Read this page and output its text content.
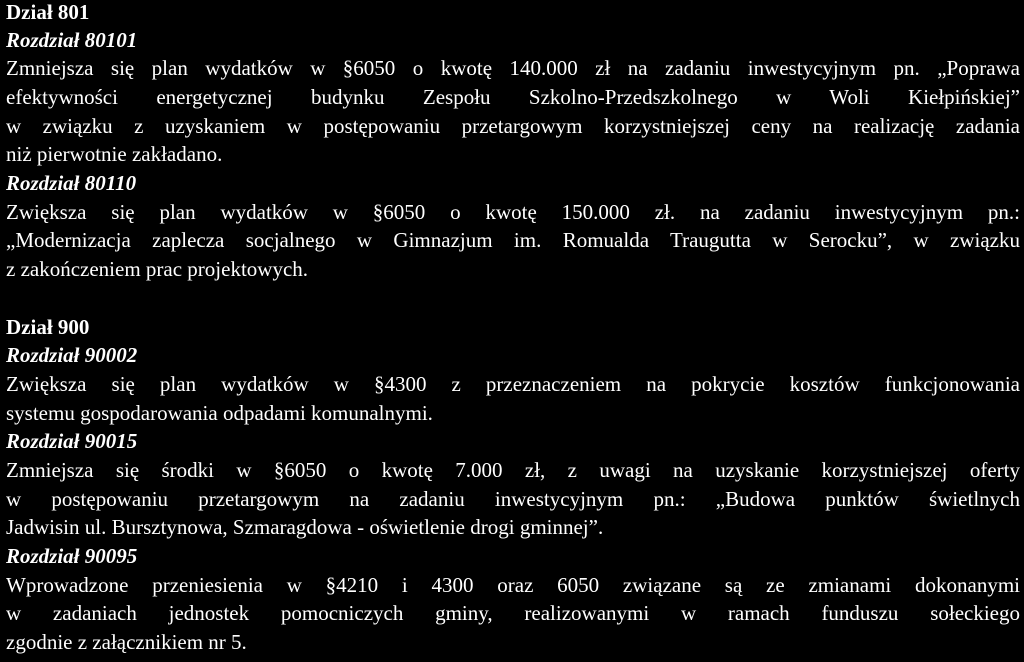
Dział 801
Rozdział 80101
Zmniejsza się plan wydatków w §6050 o kwotę 140.000 zł na zadaniu inwestycyjnym pn. „Poprawa
efektywności energetycznej budynku Zespołu Szkolno-Przedszkolnego w Woli Kiełpińskiej”
w związku z uzyskaniem w postępowaniu przetargowym korzystniejszej ceny na realizację zadania
niż pierwotnie zakładano.
Rozdział 80110
Zwiększa się plan wydatków w §6050 o kwotę 150.000 zł. na zadaniu inwestycyjnym pn.:
„Modernizacja zaplecza socjalnego w Gimnazjum im. Romualda Traugutta w Serocku”, w związku
z zakończeniem prac projektowych.
Dział 900
Rozdział 90002
Zwiększa się plan wydatków w §4300 z przeznaczeniem na pokrycie kosztów funkcjonowania
systemu gospodarowania odpadami komunalnymi.
Rozdział 90015
Zmniejsza się środki w §6050 o kwotę 7.000 zł, z uwagi na uzyskanie korzystniejszej oferty
w postępowaniu przetargowym na zadaniu inwestycyjnym pn.: „Budowa punktów świetlnych
Jadwisin ul. Bursztynowa, Szmaragdowa - oświetlenie drogi gminnej”.
Rozdział 90095
Wprowadzone przeniesienia w §4210 i 4300 oraz 6050 związane są ze zmianami dokonanymi
w zadaniach jednostek pomocniczych gminy, realizowanymi w ramach funduszu sołeckiego
zgodnie z załącznikiem nr 5.
